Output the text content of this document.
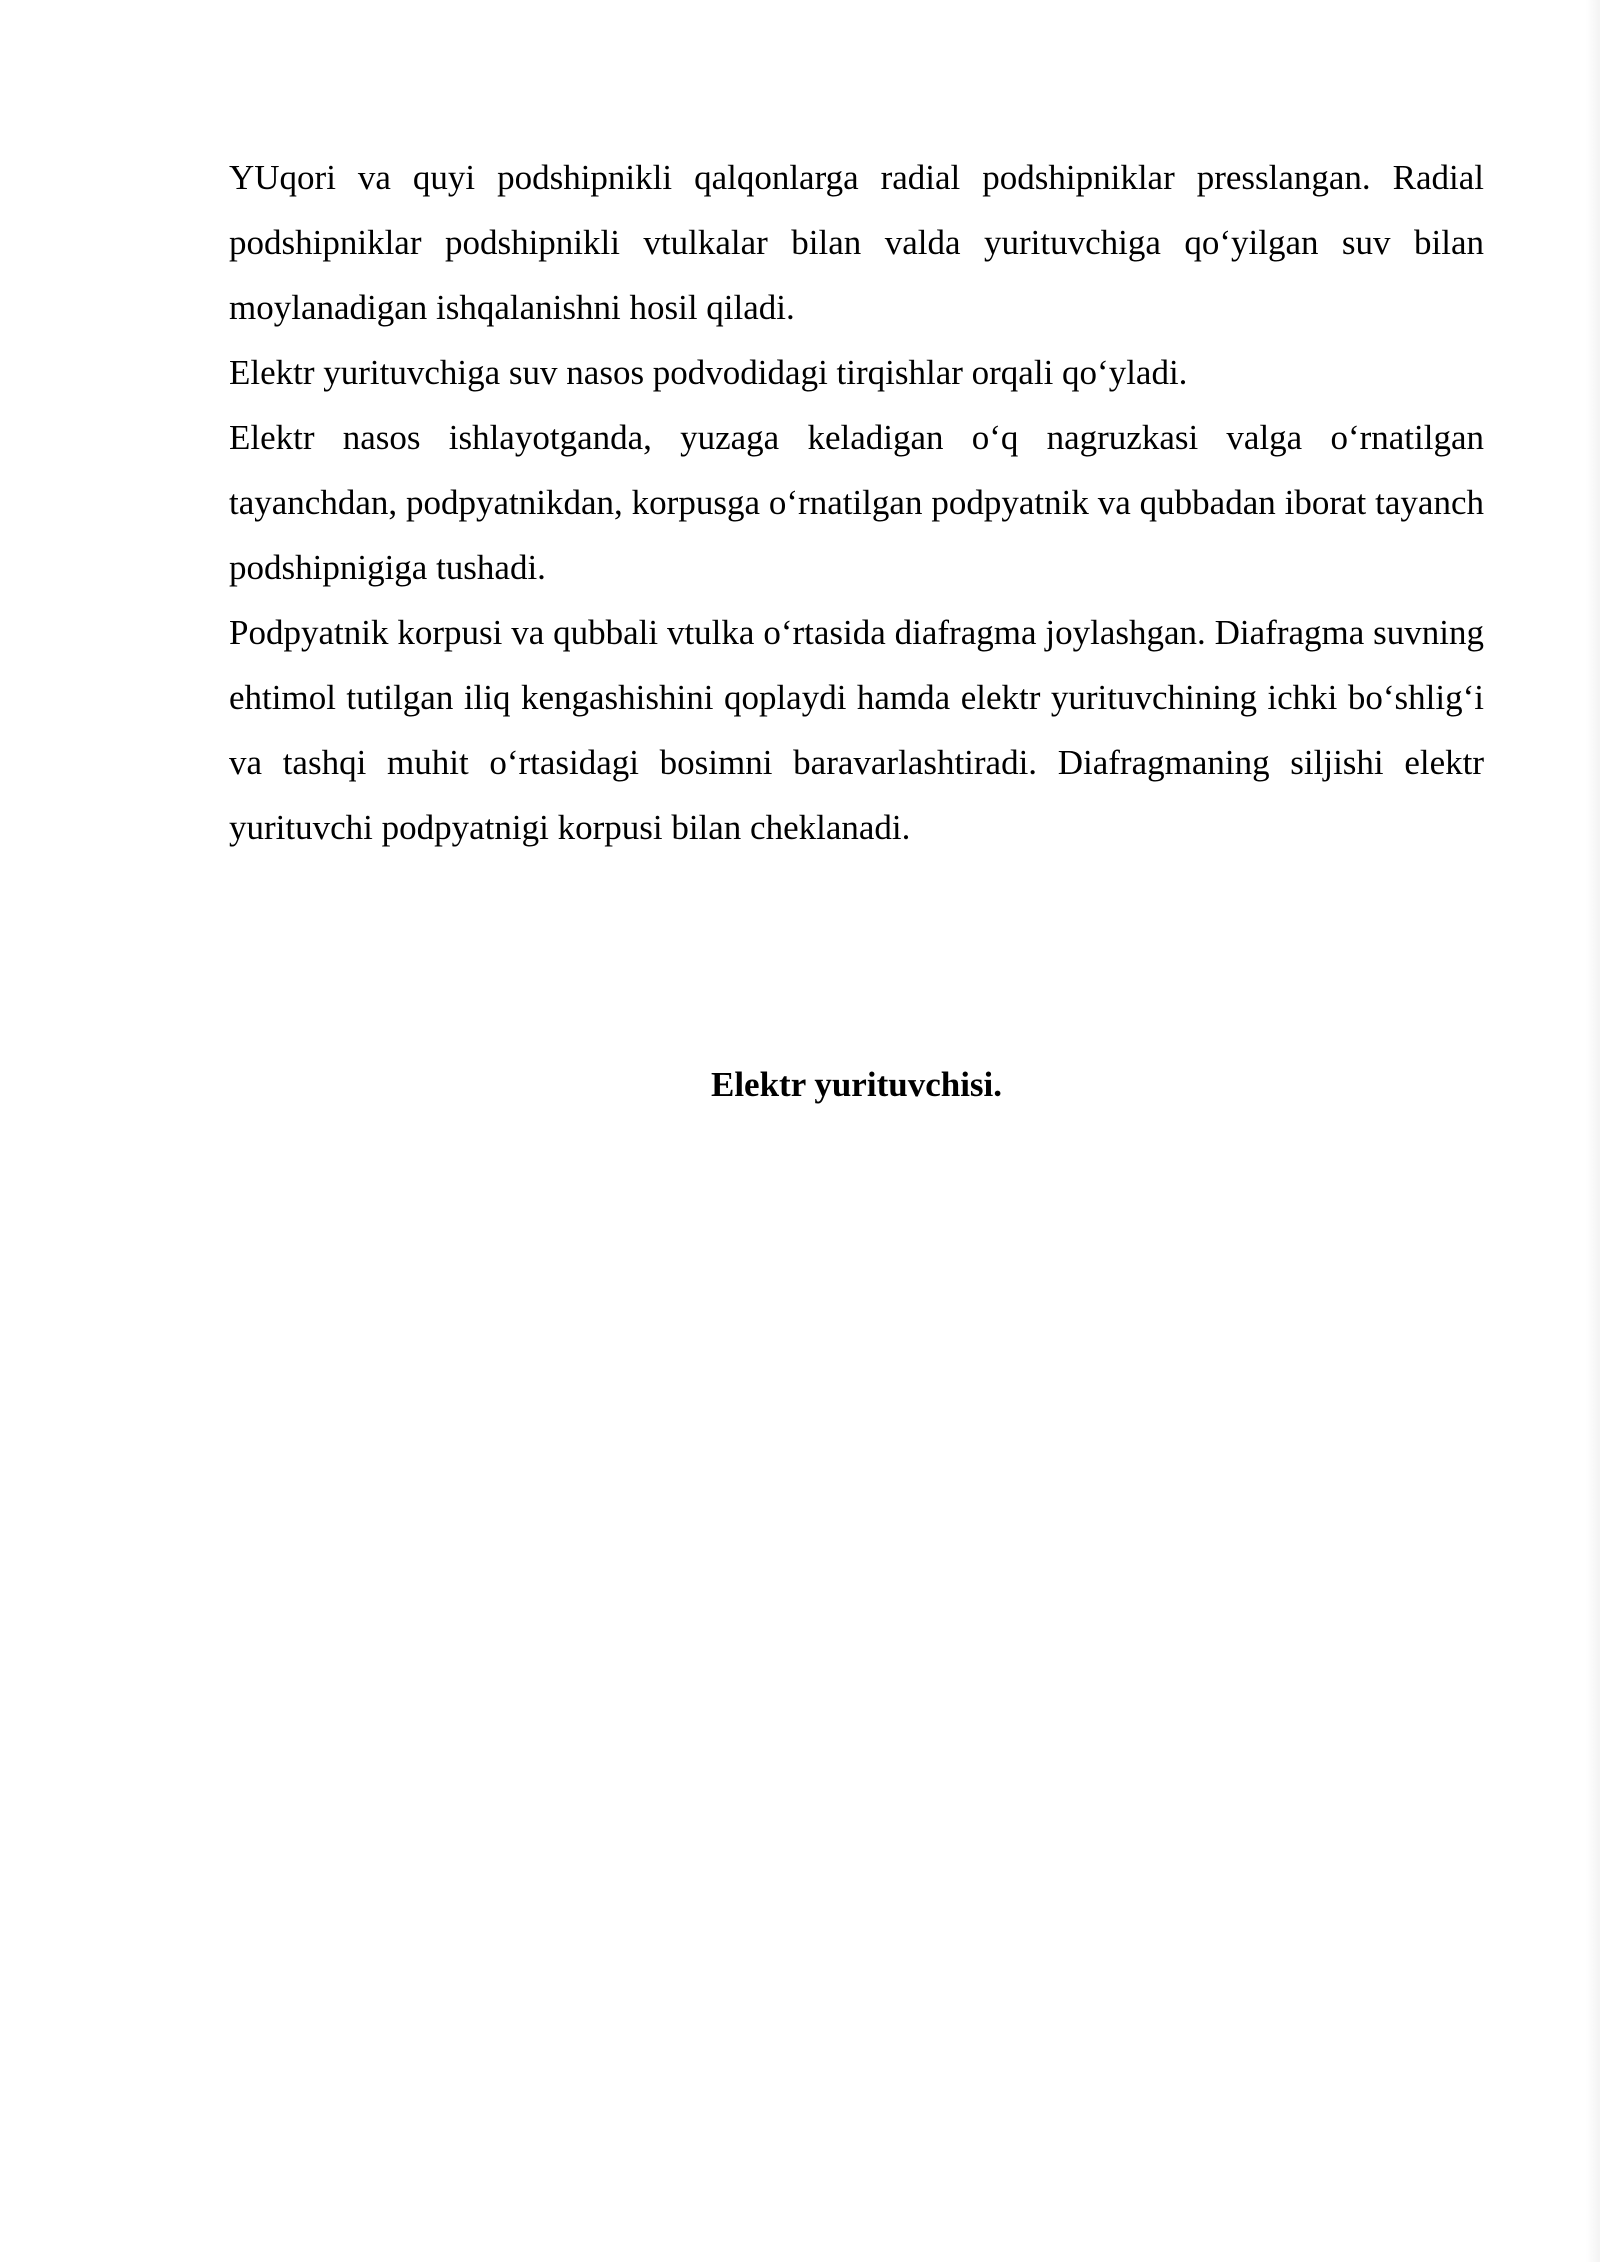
YUqori va quyi podshipnikli qalqonlarga radial podshipniklar presslangan. Radial podshipniklar podshipnikli vtulkalar bilan valda yurituvchiga qo‘yilgan suv bilan moylanadigan ishqalanishni hosil qiladi.

Elektr yurituvchiga suv nasos podvodidagi tirqishlar orqali qo‘yladi.

Elektr nasos ishlayotganda, yuzaga keladigan o‘q nagruzkasi valga o‘rnatilgan tayanchdan, podpyatnikdan, korpusga o‘rnatilgan podpyatnik va qubbadan iborat tayanch podshipnigiga tushadi.

Podpyatnik korpusi va qubbali vtulka o‘rtasida diafragma joylashgan. Diafragma suvning ehtimol tutilgan iliq kengashishini qoplaydi hamda elektr yurituvchining ichki bo‘shlig‘i va tashqi muhit o‘rtasidagi bosimni baravarlashtiradi. Diafragmaning siljishi elektr yurituvchi podpyatnigi korpusi bilan cheklanadi.

Elektr yurituvchisi.
